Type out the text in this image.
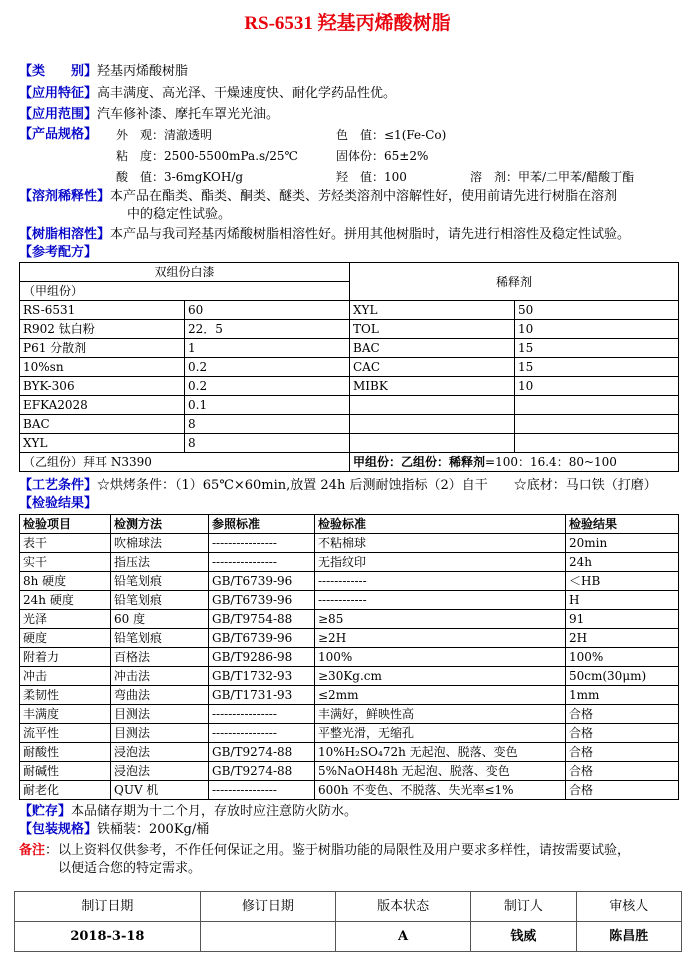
RS-6531 羟基丙烯酸树脂
【类　　别】羟基丙烯酸树脂
【应用特征】高丰满度、高光泽、干燥速度快、耐化学药品性优。
【应用范围】汽车修补漆、摩托车罩光光油。
【产品规格】 外　观：清澈透明	色　值：≤1(Fe-Co)
粘　度：2500-5500mPa.s/25℃	固体份：65±2%
酸　值：3-6mgKOH/g	羟　值：100	溶　剂：甲苯/二甲苯/醋酸丁酯
【溶剂稀释性】本产品在酯类、酯类、酮类、醚类、芳烃类溶剂中溶解性好，使用前请先进行树脂在溶剂
中的稳定性试验。
【树脂相溶性】本产品与我司羟基丙烯酸树脂相溶性好。拼用其他树脂时，请先进行相溶性及稳定性试验。
【参考配方】
双组份白漆		稀释剂	
（甲组份）			
RS-6531	60	XYL	50
R902 钛白粉	22．5	TOL	10
P61 分散剂	1	BAC	15
10%sn	0.2	CAC	15
BYK-306	0.2	MIBK	10
EFKA2028	0.1		
BAC	8		
XYL	8		
（乙组份）拜耳 N3390		甲组份：乙组份：稀释剂=100：16.4：80~100	
【工艺条件】☆烘烤条件：（1）65℃×60min,放置 24h 后测耐蚀指标（2）自干　　☆底材：马口铁（打磨）
【检验结果】
检验项目	检测方法	参照标准	检验标准	检验结果
表干	吹棉球法	----------------	不粘棉球	20min
实干	指压法	----------------	无指纹印	24h
8h 硬度	铅笔划痕	GB/T6739-96	------------	＜HB
24h 硬度	铅笔划痕	GB/T6739-96	------------	H
光泽	60 度	GB/T9754-88	≥85	91
硬度	铅笔划痕	GB/T6739-96	≥2H	2H
附着力	百格法	GB/T9286-98	100%	100%
冲击	冲击法	GB/T1732-93	≥30Kg.cm	50cm(30μm)
柔韧性	弯曲法	GB/T1731-93	≤2mm	1mm
丰满度	目测法	----------------	丰满好，鲜映性高	合格
流平性	目测法	----------------	平整光滑，无缩孔	合格
耐酸性	浸泡法	GB/T9274-88	10%H₂SO₄72h 无起泡、脱落、变色	合格
耐碱性	浸泡法	GB/T9274-88	5%NaOH48h 无起泡、脱落、变色	合格
耐老化	QUV 机	----------------	600h 不变色、不脱落、失光率≤1%	合格
【贮存】本品储存期为十二个月，存放时应注意防火防水。
【包装规格】铁桶装：200Kg/桶
备注：以上资料仅供参考，不作任何保证之用。鉴于树脂功能的局限性及用户要求多样性，请按需要试验，
以便适合您的特定需求。
制订日期	修订日期	版本状态	制订人	审核人
2018-3-18		A	钱威	陈昌胜
